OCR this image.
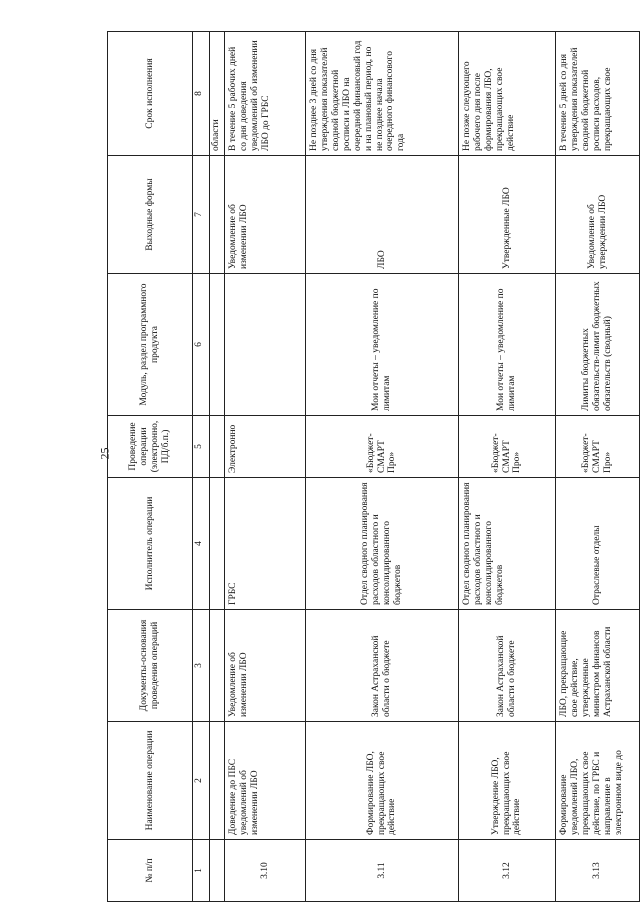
25
№ п/п	Наименование операции	Документы-основания проведения операций	Исполнитель операции	Проведение операции (электронно, ПД/б.п.)	Модуль, раздел программного продукта	Выходные формы	Срок исполнения
1	2	3	4	5	6	7	8
							области
3.10	Доведение до ПБС уведомлений об изменении ЛБО	Уведомление об изменении ЛБО	ГРБС	Электронно		Уведомление об изменении ЛБО	В течение 5 рабочих дней со дня доведения уведомлений об изменении ЛБО до ГРБС
3.11	Формирование ЛБО, прекращающих свое действие	Закон Астраханской области о бюджете	Отдел сводного планирования расходов областного и консолидированного бюджетов	«Бюджет-СМАРТ Про»	Мои отчеты – уведомление по лимитам	ЛБО	Не позднее 3 дней со дня утверждения показателей сводной бюджетной росписи и ЛБО на очередной финансовый год и на плановый период, но не позднее начала очередного финансового года
3.12	Утверждение ЛБО, прекращающих свое действие	Закон Астраханской области о бюджете	Отдел сводного планирования расходов областного и консолидированного бюджетов	«Бюджет-СМАРТ Про»	Мои отчеты – уведомление по лимитам	Утвержденные ЛБО	Не позже следующего рабочего дня после формирования ЛБО, прекращающих свое действие
3.13	Формирование уведомлений ЛБО, прекращающих свое действие, по ГРБС и направление в электронном виде до	ЛБО, прекращающие свое действие, утвержденные министром финансов Астраханской области	Отраслевые отделы	«Бюджет-СМАРТ Про»	Лимиты бюджетных обязательств-лимит бюджетных обязательств (сводный)	Уведомление об утверждении ЛБО	В течение 5 дней со дня утверждения показателей сводной бюджетной росписи расходов, прекращающих свое
